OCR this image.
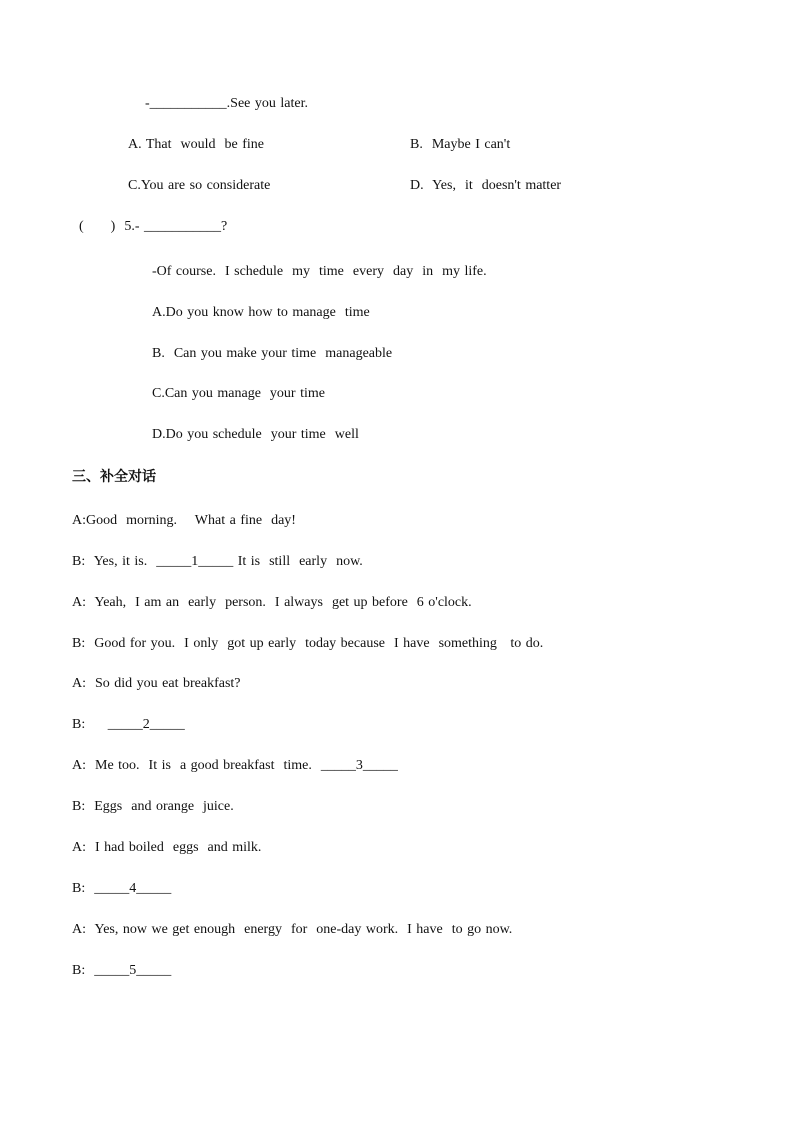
-___________.See you later.
A. That  would  be fine	B.  Maybe I can't
C.You are so considerate	D.  Yes,  it  doesn't matter
(      )  5.- ___________?
-Of course.  I schedule  my  time  every  day  in  my life.
A.Do you know how to manage  time
B.  Can you make your time  manageable
C.Can you manage  your time
D.Do you schedule  your time  well
三、补全对话
A:Good  morning.    What a fine  day!
B:  Yes, it is.  _____1_____ It is  still  early  now.
A:  Yeah,  I am an  early  person.  I always  get up before  6 o'clock.
B:  Good for you.  I only  got up early  today because  I have  something   to do.
A:  So did you eat breakfast?
B:     _____2_____
A:  Me too.  It is  a good breakfast  time.  _____3_____
B:  Eggs  and orange  juice.
A:  I had boiled  eggs  and milk.
B:  _____4_____
A:  Yes, now we get enough  energy  for  one-day work.  I have  to go now.
B:  _____5_____
